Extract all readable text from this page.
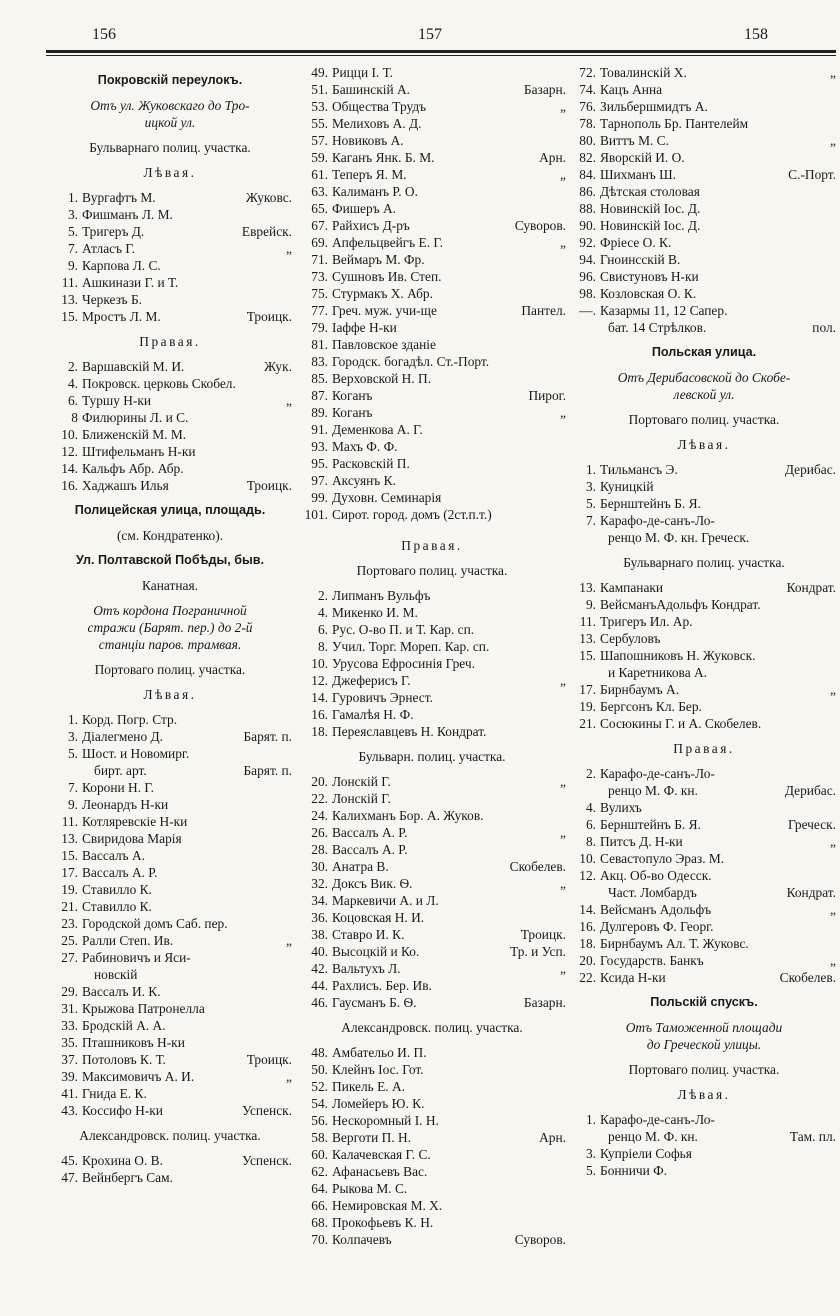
156	157	158
Покровскій переулокъ.
Отъ ул. Жуковскаго до Тро-
ицкой ул.
Бульварнаго полиц. участка.
Лѣвая.
1. Вургафтъ М.	Жуковс.
3. Фишманъ Л. М.
5. Тригеръ Д.	Еврейск.
7. Атласъ Г.	„
9. Карпова Л. С.
11. Ашкинази Г. и Т.
13. Черкезъ Б.
15. Мростъ Л. М.	Троицк.
Правая.
2. Варшавскій М. И.	Жук.
4. Покровск. церковь Скобел.
6. Туршу Н-ки	„
8 Филюрины Л. и С.
10. Ближенскій М. М.
12. Штифельманъ Н-ки
14. Кальфъ Абр. Абр.
16. Хаджашъ Илья	Троицк.
Полицейская улица, площадь.
(см. Кондратенко).
Ул. Полтавской Побѣды, быв.
Канатная.
Отъ кордона Пограничной
стражи (Барят. пер.) до 2-й
станціи паров. трамвая.
Портоваго полиц. участка.
Лѣвая.
1. Корд. Погр. Стр.
3. Діалегмено Д.	Барят. п.
5. Шост. и Новомирг.
бирт. арт.	Барят. п.
7. Корони Н. Г.
9. Леонардъ Н-ки
11. Котляревскіе Н-ки
13. Свиридова Марія
15. Вассалъ А.
17. Вассалъ А. Р.
19. Ставилло К.
21. Ставилло К.
23. Городской домъ Саб. пер.
25. Ралли Степ. Ив.	„
27. Рабиновичъ и Яси-
новскій
29. Вассалъ И. К.
31. Крыжова Патронелла
33. Бродскій А. А.
35. Пташниковъ Н-ки
37. Потоловъ К. Т.	Троицк.
39. Максимовичъ А. И.	„
41. Гнида Е. К.
43. Коссифо Н-ки	Успенск.
Александровск. полиц. участка.
45. Крохина О. В.	Успенск.
47. Вейнбергъ Сам.
49. Рицци І. Т.
51. Башинскій А.	Базарн.
53. Общества Трудъ	„
55. Мелиховъ А. Д.
57. Новиковъ А.
59. Каганъ Янк. Б. М.	Арн.
61. Теперъ Я. М.	„
63. Калиманъ Р. О.
65. Фишеръ А.
67. Райхисъ Д-ръ	Суворов.
69. Апфельцвейгъ Е. Г.	„
71. Веймаръ М. Фр.
73. Сушновъ Ив. Степ.
75. Стурмакъ Х. Абр.
77. Греч. муж. учи-ще	Пантел.
79. Іаффе Н-ки
81. Павловское зданіе
83. Городск. богадѣл. Ст.-Порт.
85. Верховской Н. П.
87. Коганъ	Пирог.
89. Коганъ	„
91. Деменкова А. Г.
93. Махъ Ф. Ф.
95. Расковскій П.
97. Аксуянъ К.
99. Духовн. Семинарія
101. Сирот. город. домъ (2ст.п.т.)
Правая.
Портоваго полиц. участка.
2. Липманъ Вульфъ
4. Микенко И. М.
6. Рус. О-во П. и Т. Кар. сп.
8. Учил. Торг. Мореп. Кар. сп.
10. Урусова Ефросинія Греч.
12. Джеферисъ Г.	„
14. Гуровичъ Эрнест.
16. Гамалѣя Н. Ф.
18. Переяславцевъ Н. Кондрат.
Бульварн. полиц. участка.
20. Лонскій Г.	„
22. Лонскій Г.
24. Калихманъ Бор. А. Жуков.
26. Вассалъ А. Р.	„
28. Вассалъ А. Р.
30. Анатра В.	Скобелев.
32. Доксъ Вик. Ѳ.	„
34. Маркевичи А. и Л.
36. Коцовская Н. И.
38. Ставро И. К.	Троицк.
40. Высоцкій и Ко.	Тр. и Усп.
42. Вальтухъ Л.	„
44. Рахлисъ. Бер. Ив.
46. Гаусманъ Б. Ѳ.	Базарн.
Александровск. полиц. участка.
48. Амбательо И. П.
50. Клейнъ Іос. Гот.
52. Пикель Е. А.
54. Ломейеръ Ю. К.
56. Нескоромный І. Н.
58. Верготи П. Н.	Арн.
60. Калачевская Г. С.
62. Афанасьевъ Вас.
64. Рыкова М. С.
66. Немировская М. Х.
68. Прокофьевъ К. Н.
70. Колпачевъ	Суворов.
72. Товалинскій Х.	„
74. Кацъ Анна
76. Зильбершмидтъ А.
78. Тарнополь Бр. Пантелейм
80. Виттъ М. С.	„
82. Яворскій И. О.
84. Шихманъ Ш.	С.-Порт.
86. Дѣтская столовая
88. Новинскій Іос. Д.
90. Новинскій Іос. Д.
92. Фріесе О. К.
94. Гноинсскій В.
96. Свистуновъ Н-ки
98. Козловская О. К.
—. Казармы 11, 12 Сапер.
бат. 14 Стрѣлков.	пол.
Польская улица.
Отъ Дерибасовской до Скобе-
левской ул.
Портоваго полиц. участка.
Лѣвая.
1. Тильмансъ Э.	Дерибас.
3. Куницкій
5. Бернштейнъ Б. Я.
7. Карафо-де-санъ-Ло-
ренцо М. Ф. кн. Греческ.
Бульварнаго полиц. участка.
13. Кампанаки	Кондрат.
9. ВейсманъАдольфъ Кондрат.
11. Тригеръ Ил. Ар.
13. Сербуловъ
15. Шапошниковъ Н. Жуковск.
и Каретникова А.
17. Бирнбаумъ А.	„
19. Бергсонъ Кл. Бер.
21. Сосюкины Г. и А. Скобелев.
Правая.
2. Карафо-де-санъ-Ло-
ренцо М. Ф. кн.	Дерибас.
4. Вулихъ
6. Бернштейнъ Б. Я.	Греческ.
8. Питсъ Д. Н-ки	„
10. Севастопуло Эраз. М.
12. Акц. Об-во Одесск.
Част. Ломбардъ	Кондрат.
14. Вейсманъ Адольфъ	„
16. Дулгеровъ Ф. Георг.
18. Бирнбаумъ Ал. Т. Жуковс.
20. Государств. Банкъ	„
22. Ксида Н-ки	Скобелев.
Польскій спускъ.
Отъ Таможенной площади
до Греческой улицы.
Портоваго полиц. участка.
Лѣвая.
1. Карафо-де-санъ-Ло-
ренцо М. Ф. кн.	Там. пл.
3. Купріели Софья
5. Бонничи Ф.
